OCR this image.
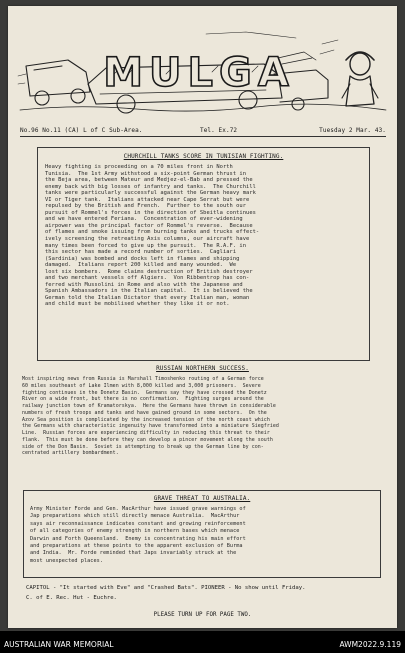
MULGA
No.96 No.11 (CA) L of C Sub-Area.	Tel. Ex.72	Tuesday 2 Mar. 43.
CHURCHILL TANKS SCORE IN TUNISIAN FIGHTING.
Heavy fighting is proceeding on a 70 miles front in North
Tunisia.  The 1st Army withstood a six-point German thrust in
the Beja area, between Mateur and Medjez-el-Bab and pressed the
enemy back with big losses of infantry and tanks.  The Churchill
tanks were particularly successful against the German heavy mark
VI or Tiger tank.  Italians attacked near Cape Serrat but were
repulsed by the British and French.  Further to the south our
pursuit of Rommel's forces in the direction of Sbeitla continues
and we have entered Feriana.  Concentration of ever-widening
airpower was the principal factor of Rommel's reverse.  Because
of flames and smoke issuing from burning tanks and trucks effect-
ively screening the retreating Axis columns, our aircraft have
many times been forced to give up the pursuit.  The R.A.F. in
this sector has made a record number of sorties.  Cagliari
(Sardinia) was bombed and docks left in flames and shipping
damaged.  Italians report 200 killed and many wounded.  We
lost six bombers.  Rome claims destruction of British destroyer
and two merchant vessels off Algiers.  Von Ribbentrop has con-
ferred with Mussolini in Rome and also with the Japanese and
Spanish Ambassadors in the Italian capital.  It is believed the
German told the Italian Dictator that every Italian man, woman
and child must be mobilised whether they like it or not.
RUSSIAN NORTHERN SUCCESS.
Most inspiring news from Russia is Marshall Timoshenko routing of a German force
60 miles southeast of Lake Ilmen with 8,000 killed and 3,000 prisoners.  Severe
fighting continues in the Donetz Basin.  Germans say they have crossed the Donetz
River on a wide front, but there is no confirmation.  Fighting surges around the
railway junction town of Kramatorskya.  Here the Germans have thrown in considerable
numbers of fresh troops and tanks and have gained ground in some sectors.  On the
Azov Sea position is complicated by the increased tension of the north coast which
the Germans with characteristic ingenuity have transformed into a miniature Siegfried
Line.  Russian forces are experiencing difficulty in reducing this threat to their
flank.  This must be done before they can develop a pincer movement along the south
side of the Don Basin.  Soviet is attempting to break up the German line by con-
centrated artillery bombardment.
GRAVE THREAT TO AUSTRALIA.
Army Minister Forde and Gen. MacArthur have issued grave warnings of
Jap preparations which still directly menace Australia.  MacArthur
says air reconnaissance indicates constant and growing reinforcement
of all categories of enemy strength in northern bases which menace
Darwin and Forth Queensland.  Enemy is concentrating his main effort
and preparations at these points to the apparent exclusion of Burma
and India.  Mr. Forde reminded that Japs invariably struck at the
most unexpected places.
CAPITOL - "It started with Eve" and "Crashed Bats". PIONEER - No show until Friday.
C. of E. Rec. Hut - Euchre.
PLEASE TURN UP FOR PAGE TWO.
AUSTRALIAN WAR MEMORIAL	AWM2022.9.119
